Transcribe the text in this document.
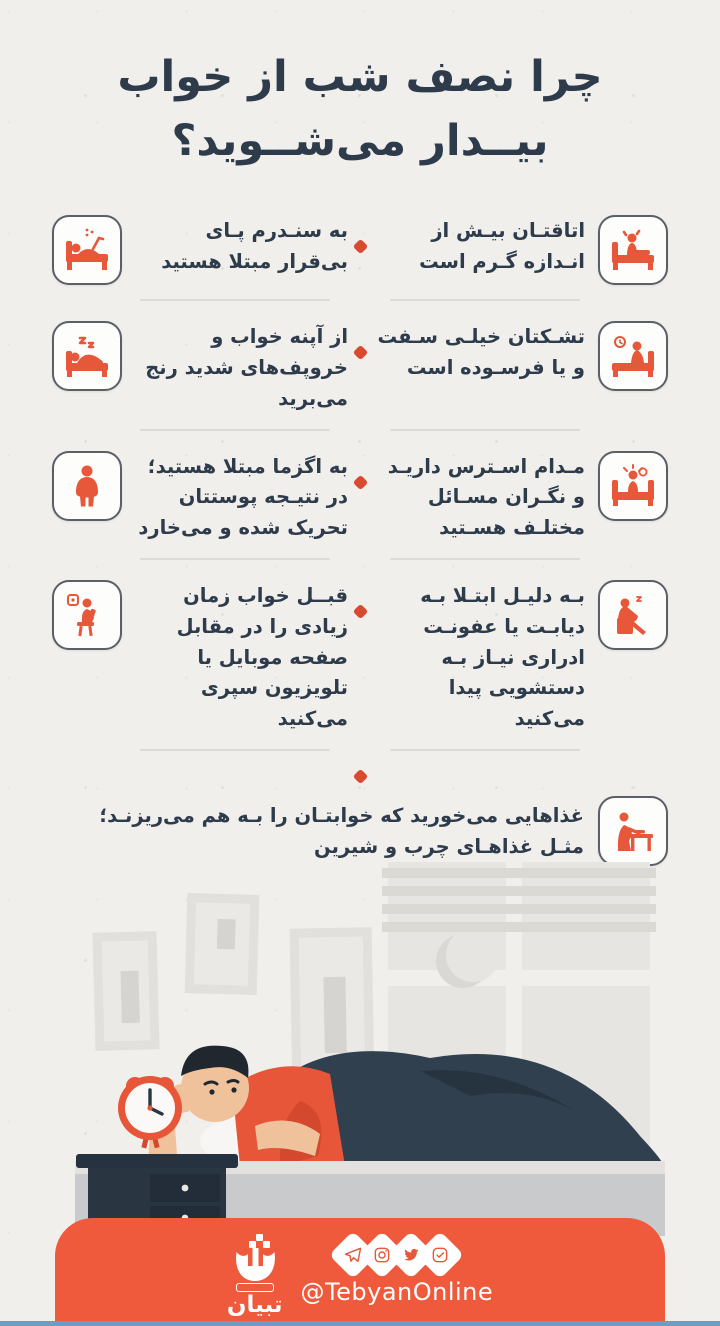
چرا نصف شب از خواب
بیــدار می‌شــوید؟
به سنـدرم پـای بی‌قرار مبتلا هستید
اتاقتـان بیـش از انـدازه گـرم است
از آپنه خواب و خروپف‌های شدید رنج می‌برید
تشـکتان خیلـی سـفت و یا فرسـوده است
به اگزما مبتلا هستید؛ در نتیـجه پوستتان تحریک شده و می‌خارد
مـدام اسـترس داریـد و نگـران مسـائل مختلـف هسـتید
قبــل خواب زمان زیادی را در مقابل صفحه موبایل یا تلویزیون سپری می‌کنید
بـه دلیـل ابتـلا بـه دیابـت یا عفونـت ادراری نیـاز بـه دستشویی پیدا می‌کنید
غذاهایی می‌خورید که خوابتـان را بـه هم می‌ریزنـد؛ مثـل غذاهـای چرب و شیرین
تبیان @TebyanOnline
